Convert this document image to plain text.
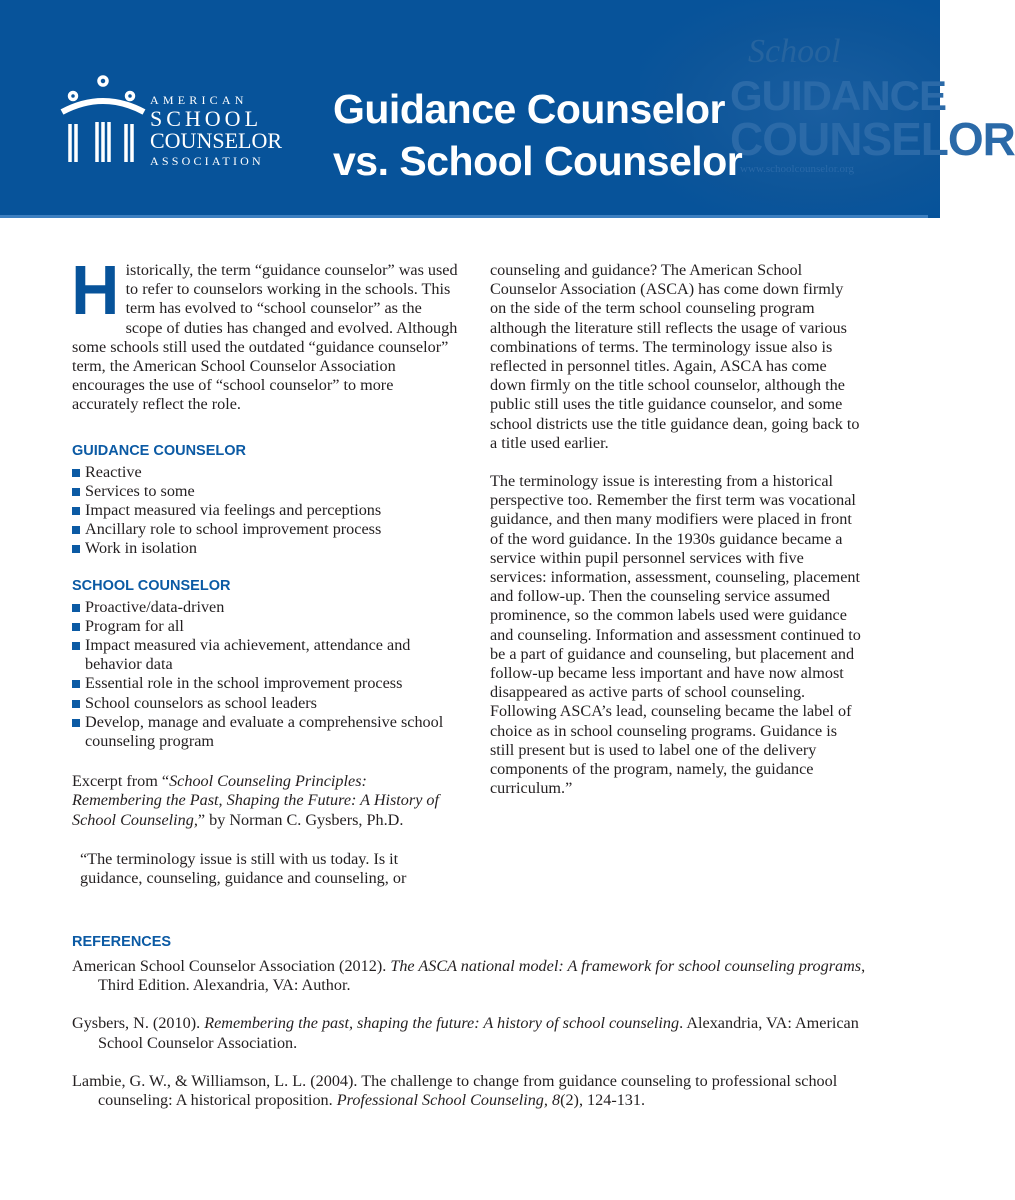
School
GUIDANCE
COUNSELOR
www.schoolcounselor.org
AMERICAN
SCHOOL
COUNSELOR
ASSOCIATION
Guidance Counselor
vs. School Counselor

Historically, the term “guidance counselor” was used to refer to counselors working in the schools. This term has evolved to “school counselor” as the scope of duties has changed and evolved. Although some schools still used the outdated “guidance counselor” term, the American School Counselor Association encourages the use of “school counselor” to more accurately reflect the role.

GUIDANCE COUNSELOR
Reactive
Services to some
Impact measured via feelings and perceptions
Ancillary role to school improvement process
Work in isolation
SCHOOL COUNSELOR
Proactive/data-driven
Program for all
Impact measured via achievement, attendance and behavior data
Essential role in the school improvement process
School counselors as school leaders
Develop, manage and evaluate a comprehensive school counseling program

Excerpt from “School Counseling Principles: Remembering the Past, Shaping the Future: A History of School Counseling,” by Norman C. Gysbers, Ph.D.

“The terminology issue is still with us today. Is it guidance, counseling, guidance and counseling, or

counseling and guidance? The American School Counselor Association (ASCA) has come down firmly on the side of the term school counseling program although the literature still reflects the usage of various combinations of terms. The terminology issue also is reflected in personnel titles. Again, ASCA has come down firmly on the title school counselor, although the public still uses the title guidance counselor, and some school districts use the title guidance dean, going back to a title used earlier.

The terminology issue is interesting from a historical perspective too. Remember the first term was vocational guidance, and then many modifiers were placed in front of the word guidance. In the 1930s guidance became a service within pupil personnel services with five services: information, assessment, counseling, placement and follow-up. Then the counseling service assumed prominence, so the common labels used were guidance and counseling. Information and assessment continued to be a part of guidance and counseling, but placement and follow-up became less important and have now almost disappeared as active parts of school counseling. Following ASCA’s lead, counseling became the label of choice as in school counseling programs. Guidance is still present but is used to label one of the delivery components of the program, namely, the guidance curriculum.”

REFERENCES

American School Counselor Association (2012). The ASCA national model: A framework for school counseling programs, Third Edition. Alexandria, VA: Author.

Gysbers, N. (2010). Remembering the past, shaping the future: A history of school counseling. Alexandria, VA: American School Counselor Association.

Lambie, G. W., & Williamson, L. L. (2004). The challenge to change from guidance counseling to professional school counseling: A historical proposition. Professional School Counseling, 8(2), 124-131.
